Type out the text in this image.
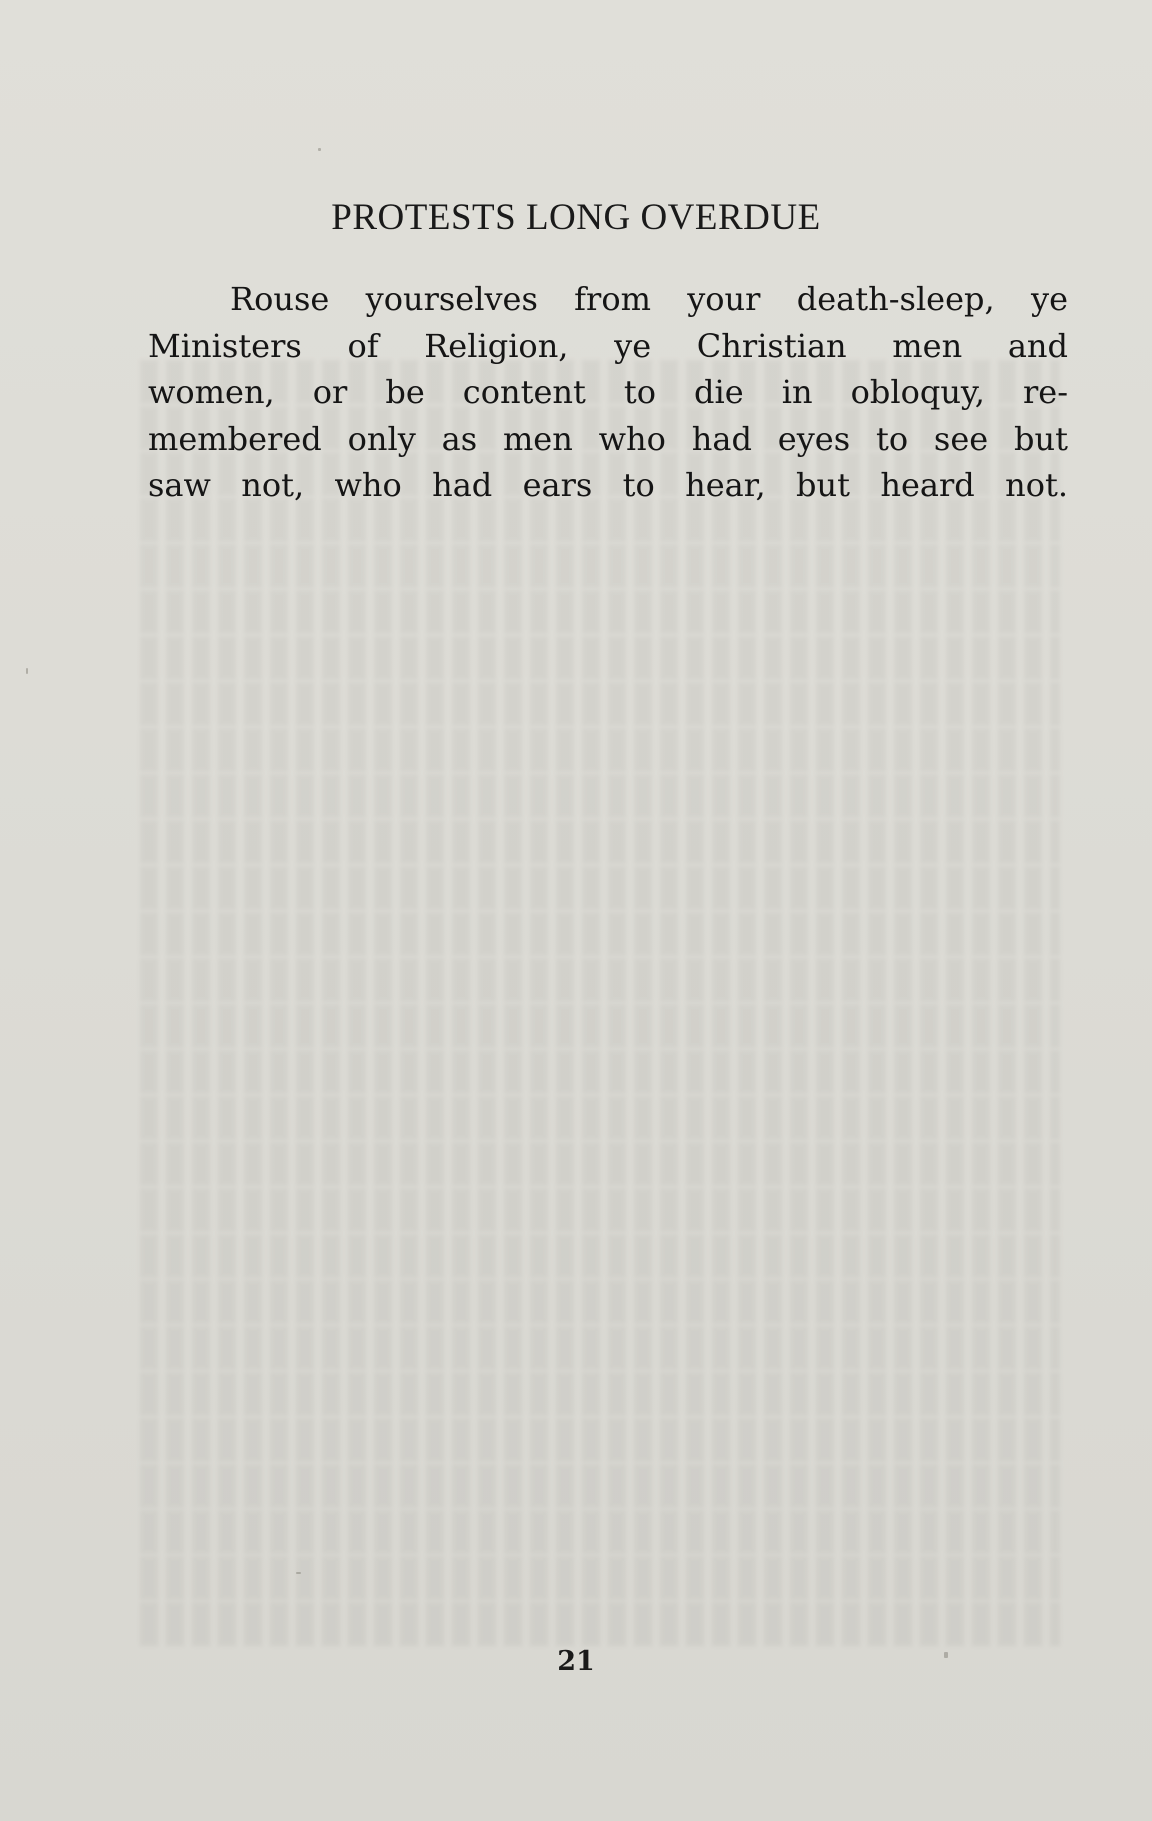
PROTESTS LONG OVERDUE
Rouse yourselves from your death-sleep, ye
Ministers of Religion, ye Christian men and
women, or be content to die in obloquy, re-
membered only as men who had eyes to see but
saw not, who had ears to hear, but heard not.
21
